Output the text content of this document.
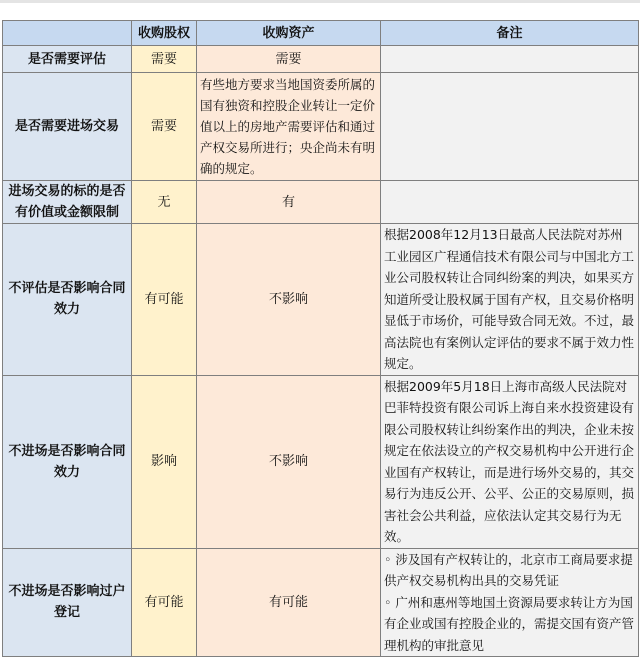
	收购股权	收购资产	备注
是否需要评估	需要	需要	
是否需要进场交易	需要	有些地方要求当地国资委所属的国有独资和控股企业转让一定价值以上的房地产需要评估和通过产权交易所进行；央企尚未有明确的规定。	
进场交易的标的是否有价值或金额限制	无	有	
不评估是否影响合同效力	有可能	不影响	根据2008年12月13日最高人民法院对苏州工业园区广程通信技术有限公司与中国北方工业公司股权转让合同纠纷案的判决，如果买方知道所受让股权属于国有产权，且交易价格明显低于市场价，可能导致合同无效。不过，最高法院也有案例认定评估的要求不属于效力性规定。
不进场是否影响合同效力	影响	不影响	根据2009年5月18日上海市高级人民法院对巴菲特投资有限公司诉上海自来水投资建设有限公司股权转让纠纷案作出的判决，企业未按规定在依法设立的产权交易机构中公开进行企业国有产权转让，而是进行场外交易的，其交易行为违反公开、公平、公正的交易原则，损害社会公共利益，应依法认定其交易行为无效。
不进场是否影响过户登记	有可能	有可能	◦ 涉及国有产权转让的，北京市工商局要求提供产权交易机构出具的交易凭证
◦ 广州和惠州等地国土资源局要求转让方为国有企业或国有控股企业的，需提交国有资产管理机构的审批意见
